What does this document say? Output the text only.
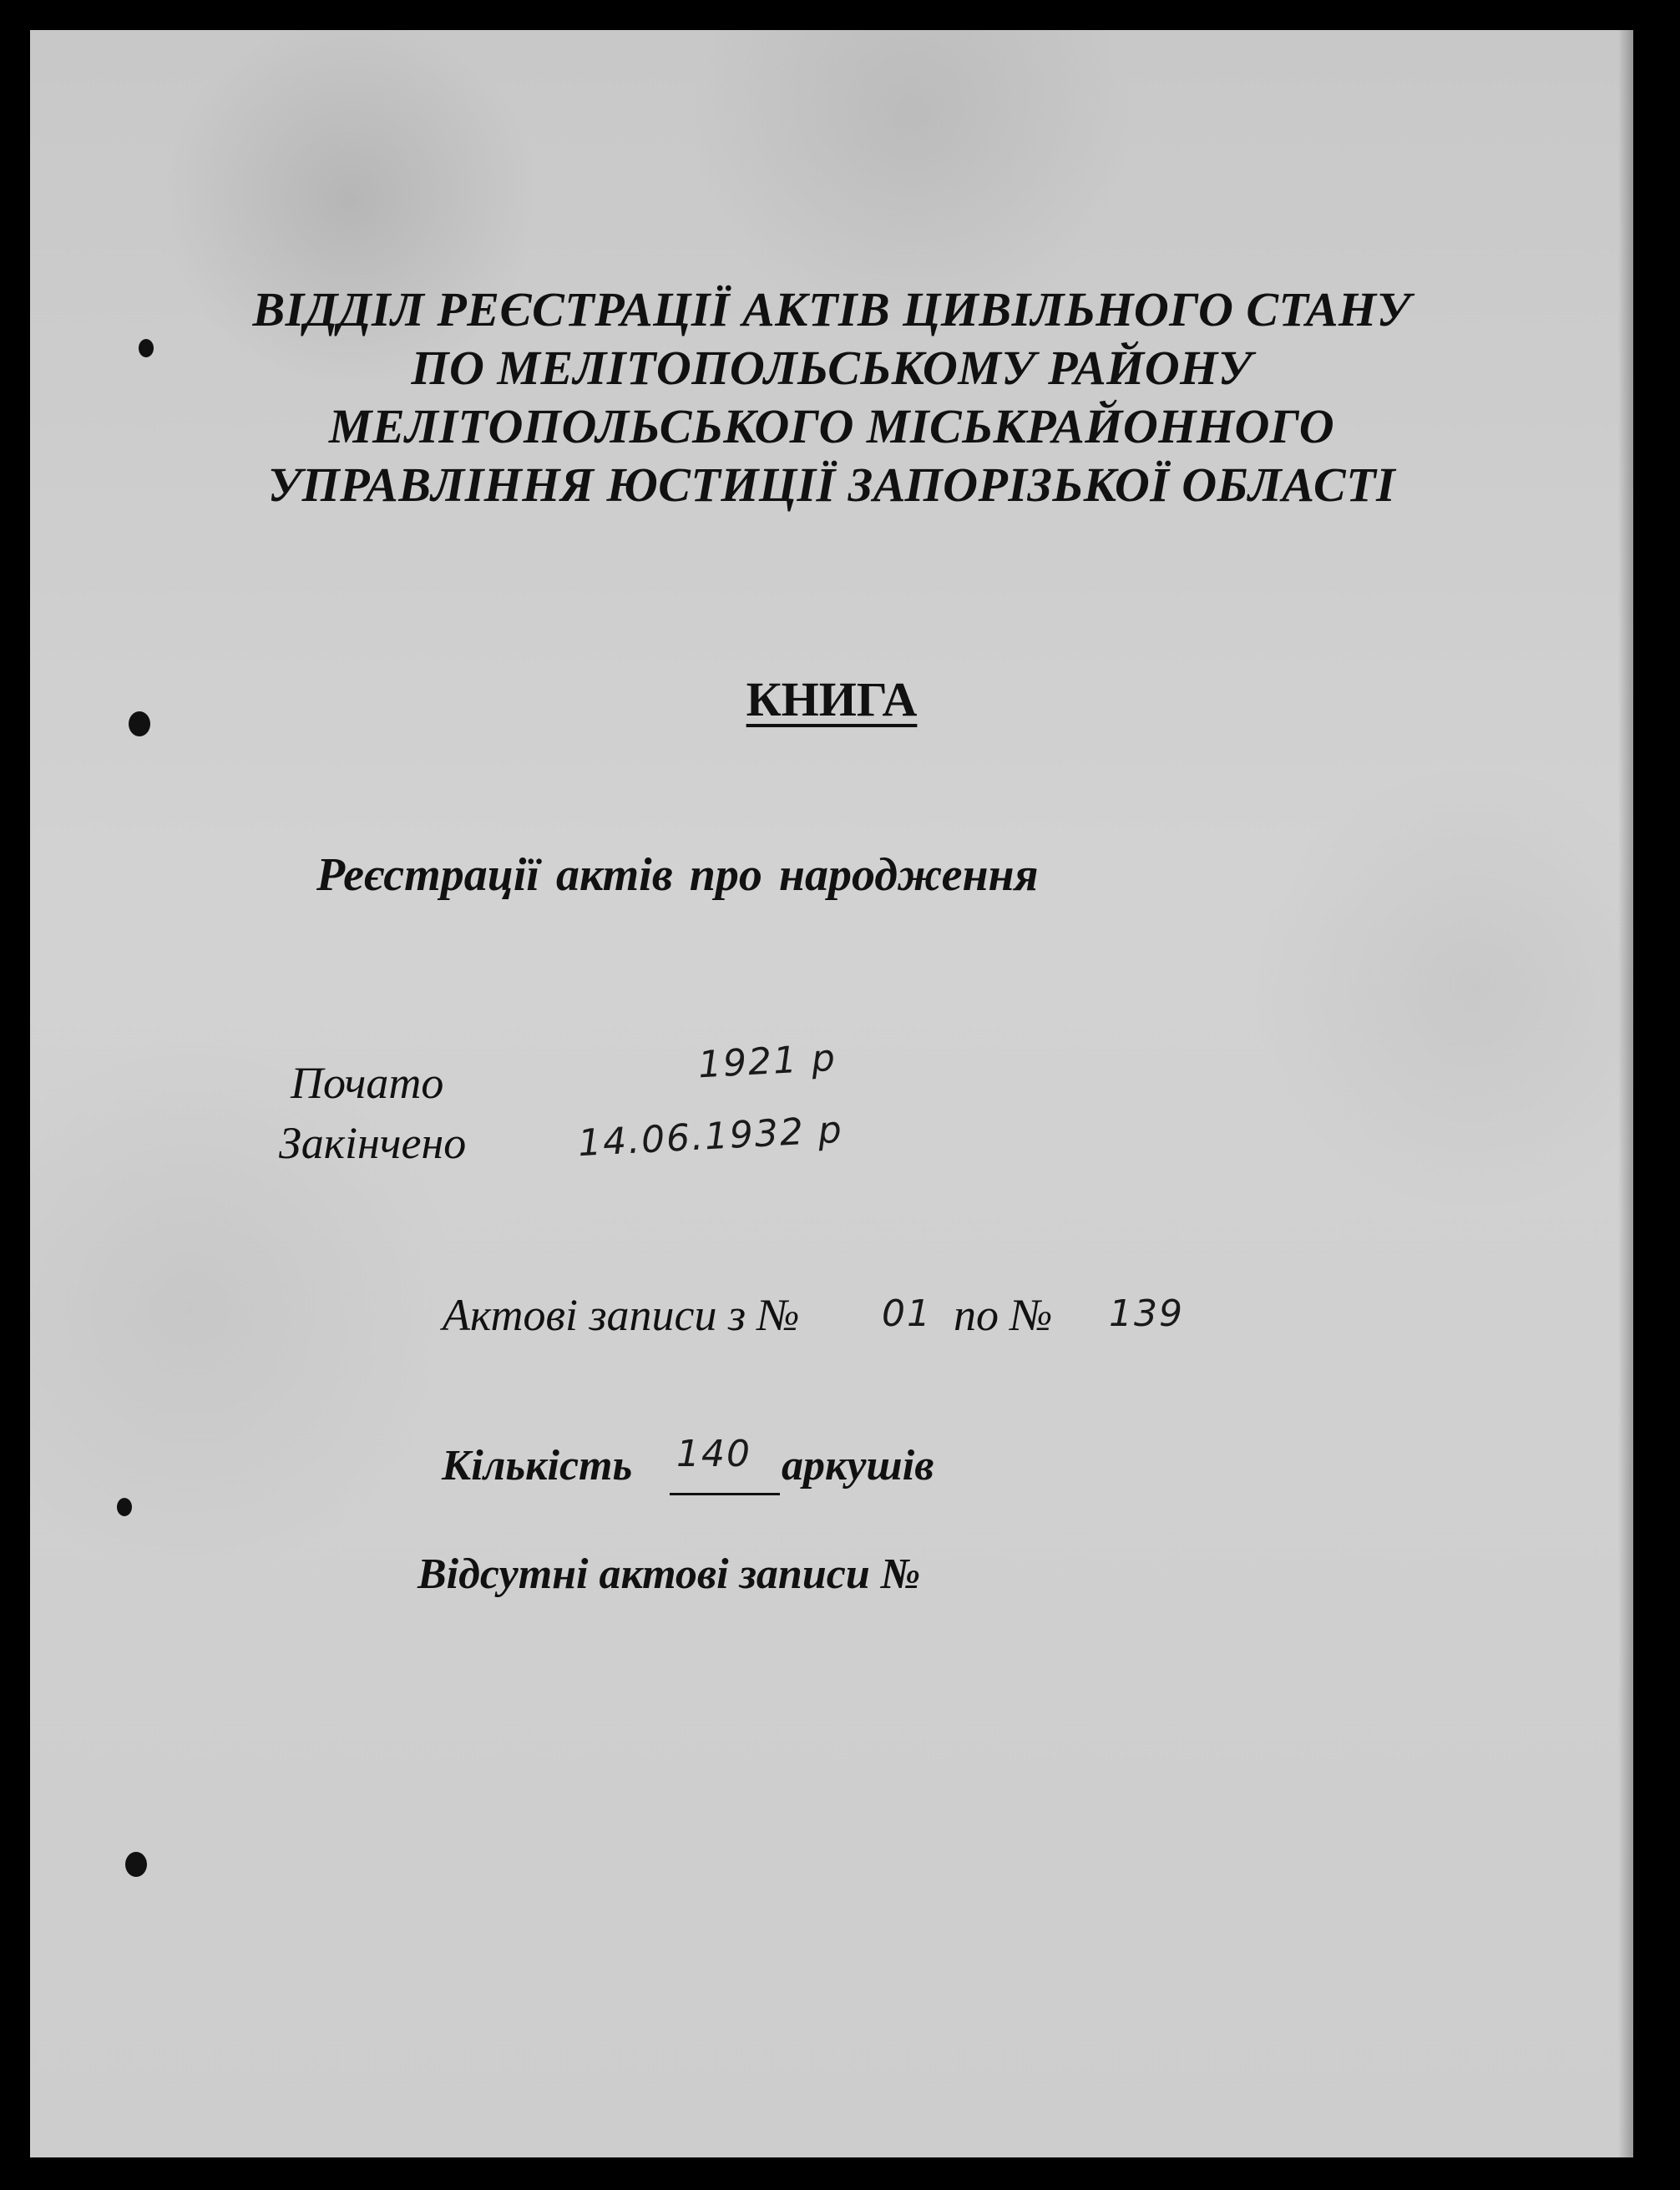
ВІДДІЛ РЕЄСТРАЦІЇ АКТІВ ЦИВІЛЬНОГО СТАНУ
ПО МЕЛІТОПОЛЬСЬКОМУ РАЙОНУ
МЕЛІТОПОЛЬСЬКОГО МІСЬКРАЙОННОГО
УПРАВЛІННЯ ЮСТИЦІЇ ЗАПОРІЗЬКОЇ ОБЛАСТІ
КНИГА
Реєстрації актів про народження
Почато	1921 р
Закінчено	14.06.1932 р
Актові записи з № 01 по № 139
Кількість 140 аркушів
Відсутні актові записи №
